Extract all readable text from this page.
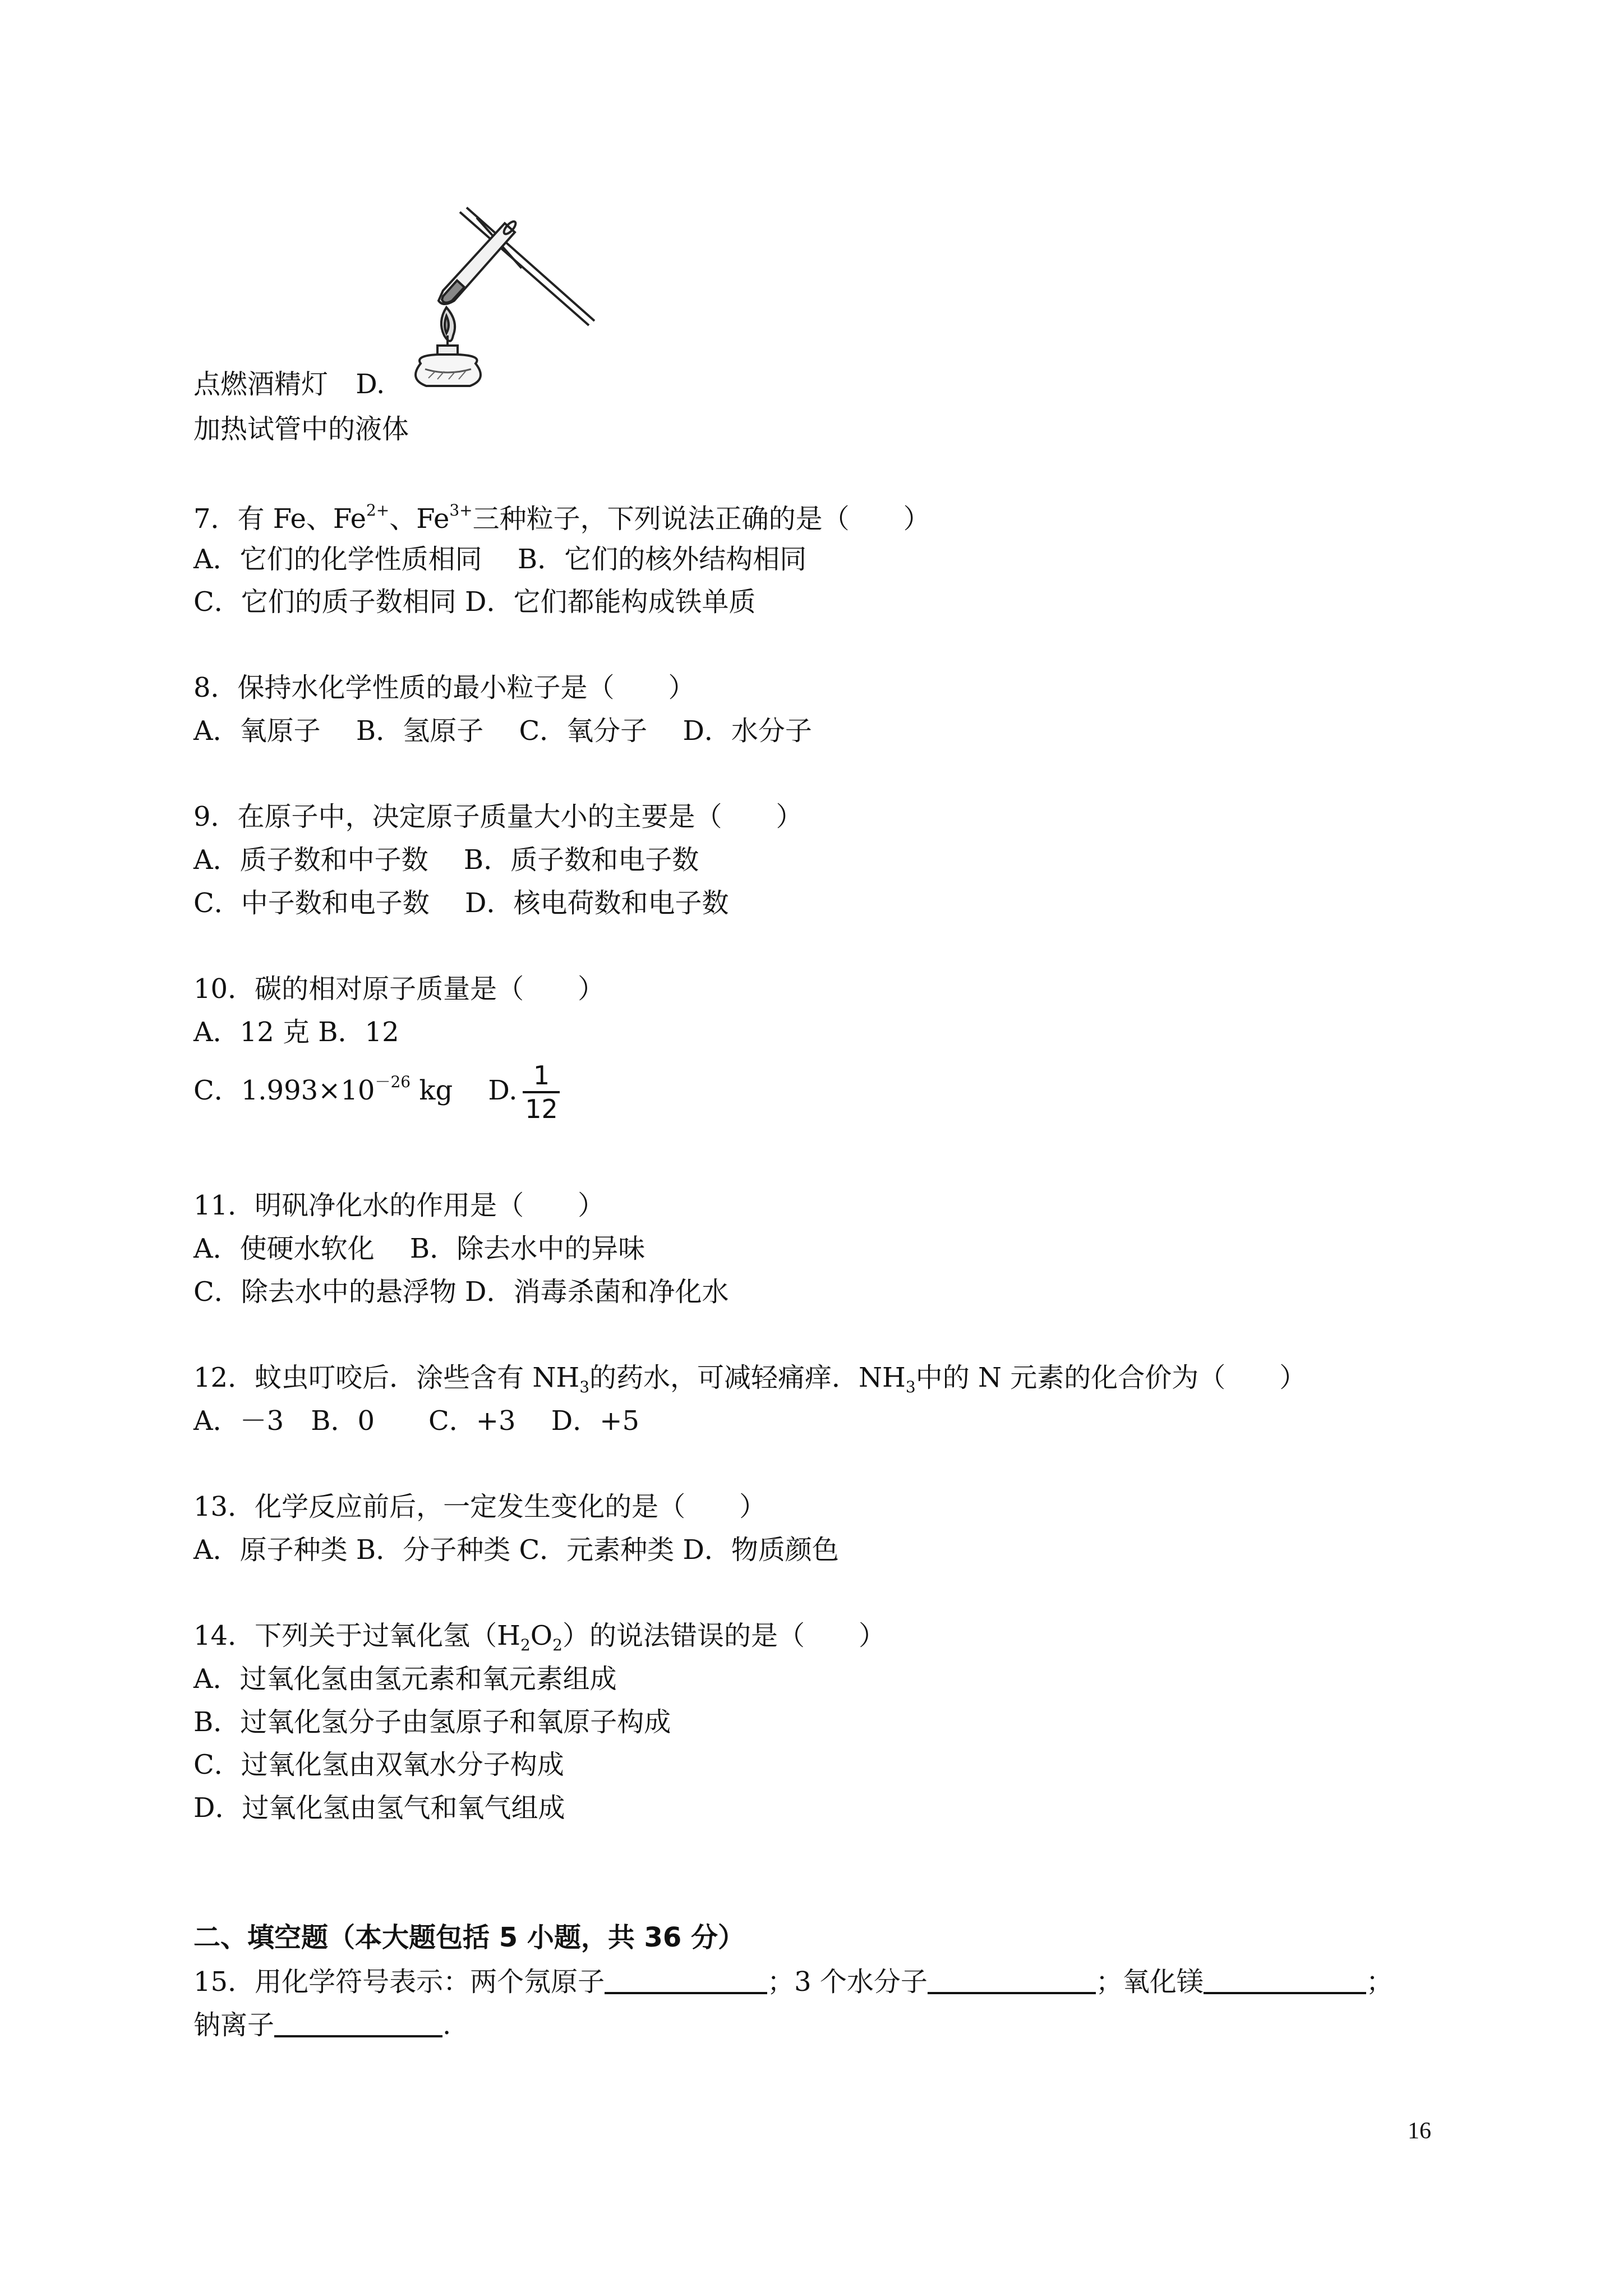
点燃酒精灯 D.
加热试管中的液体
7．有 Fe、$Fe^{2+}$、$Fe^{3+}$三种粒子，下列说法正确的是（　　）
A．它们的化学性质相同　 B．它们的核外结构相同
C．它们的质子数相同 D．它们都能构成铁单质
8．保持水化学性质的最小粒子是（　　）
A．氧原子　 B．氢原子　 C．氧分子　 D．水分子
9．在原子中，决定原子质量大小的主要是（　　）
A．质子数和中子数　 B．质子数和电子数
C．中子数和电子数　 D．核电荷数和电子数
10．碳的相对原子质量是（　　）
A．12 克 B．12
C．$1.993\times 10^{-26}$ kg　 D. $\frac{1}{12}$
11．明矾净化水的作用是（　　）
A．使硬水软化　 B．除去水中的异味
C．除去水中的悬浮物 D．消毒杀菌和净化水
12．蚊虫叮咬后．涂些含有 $NH_3$的药水，可减轻痛痒．$NH_3$中的 N 元素的化合价为（　　）
A．－3　B．0　　C．+3　 D．+5
13．化学反应前后，一定发生变化的是（　　）
A．原子种类 B．分子种类 C．元素种类 D．物质颜色
14．下列关于过氧化氢$(H_2O_2)$的说法错误的是（　　）
A．过氧化氢由氢元素和氧元素组成
B．过氧化氢分子由氢原子和氧原子构成
C．过氧化氢由双氧水分子构成
D．过氧化氢由氢气和氧气组成
二、填空题（本大题包括 5 小题，共 36 分）
15．用化学符号表示：两个氖原子	；3 个水分子	；氧化镁	；
钠离子	.
16
